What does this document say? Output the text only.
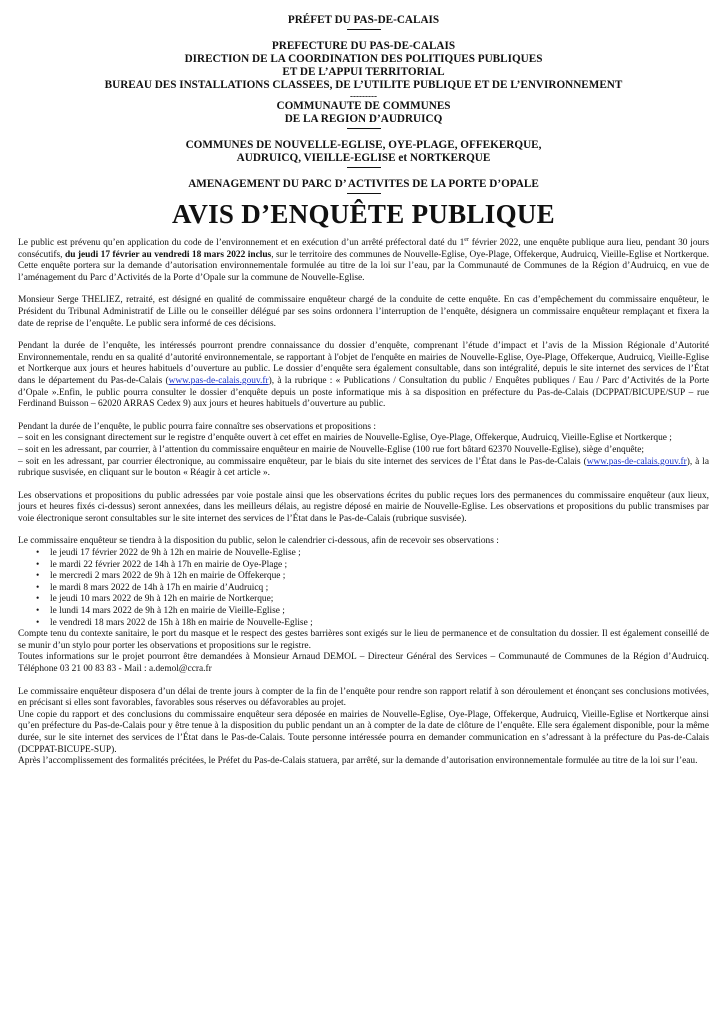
PRÉFET DU PAS-DE-CALAIS
PREFECTURE DU PAS-DE-CALAIS
DIRECTION DE LA COORDINATION DES POLITIQUES PUBLIQUES
ET DE L’APPUI TERRITORIAL
BUREAU DES INSTALLATIONS CLASSEES, DE L’UTILITE PUBLIQUE ET DE L’ENVIRONNEMENT
---------
COMMUNAUTE DE COMMUNES
DE LA REGION D’AUDRUICQ
COMMUNES DE NOUVELLE-EGLISE, OYE-PLAGE, OFFEKERQUE,
AUDRUICQ, VIEILLE-EGLISE et NORTKERQUE
AMENAGEMENT DU PARC D’ ACTIVITES DE LA PORTE D’OPALE
AVIS D’ENQUÊTE PUBLIQUE

Le public est prévenu qu’en application du code de l’environnement et en exécution d’un arrêté préfectoral daté du 1er février 2022, une enquête publique aura lieu, pendant 30 jours consécutifs, du jeudi 17 février au vendredi 18 mars 2022 inclus, sur le territoire des communes de Nouvelle-Eglise, Oye-Plage, Offekerque, Audruicq, Vieille-Eglise et Nortkerque. Cette enquête portera sur la demande d’autorisation environnementale formulée au titre de la loi sur l’eau, par la Communauté de Communes de la Région d’Audruicq, en vue de l’aménagement du Parc d’Activités de la Porte d’Opale sur la commune de Nouvelle-Eglise.

Monsieur Serge THELIEZ, retraité, est désigné en qualité de commissaire enquêteur chargé de la conduite de cette enquête. En cas d’empêchement du commissaire enquêteur, le Président du Tribunal Administratif de Lille ou le conseiller délégué par ses soins ordonnera l’interruption de l’enquête, désignera un commissaire enquêteur remplaçant et fixera la date de reprise de l’enquête. Le public sera informé de ces décisions.

Pendant la durée de l’enquête, les intéressés pourront prendre connaissance du dossier d’enquête, comprenant l’étude d’impact et l’avis de la Mission Régionale d’Autorité Environnementale, rendu en sa qualité d’autorité environnementale, se rapportant à l'objet de l'enquête en mairies de Nouvelle-Eglise, Oye-Plage, Offekerque, Audruicq, Vieille-Eglise et Nortkerque aux jours et heures habituels d’ouverture au public. Le dossier d’enquête sera également consultable, dans son intégralité, depuis le site internet des services de l’État dans le département du Pas-de-Calais (www.pas-de-calais.gouv.fr), à la rubrique : « Publications / Consultation du public / Enquêtes publiques / Eau / Parc d’Activités de la Porte d’Opale ».Enfin, le public pourra consulter le dossier d’enquête depuis un poste informatique mis à sa disposition en préfecture du Pas-de-Calais (DCPPAT/BICUPE/SUP – rue Ferdinand Buisson – 62020 ARRAS Cedex 9) aux jours et heures habituels d’ouverture au public.

Pendant la durée de l’enquête, le public pourra faire connaître ses observations et propositions :

– soit en les consignant directement sur le registre d’enquête ouvert à cet effet en mairies de Nouvelle-Eglise, Oye-Plage, Offekerque, Audruicq, Vieille-Eglise et Nortkerque ;

– soit en les adressant, par courrier, à l’attention du commissaire enquêteur en mairie de Nouvelle-Eglise (100 rue fort bâtard 62370 Nouvelle-Eglise), siège d’enquête;

– soit en les adressant, par courrier électronique, au commissaire enquêteur, par le biais du site internet des services de l’État dans le Pas-de-Calais (www.pas-de-calais.gouv.fr), à la rubrique susvisée, en cliquant sur le bouton « Réagir à cet article ».

Les observations et propositions du public adressées par voie postale ainsi que les observations écrites du public reçues lors des permanences du commissaire enquêteur (aux lieux, jours et heures fixés ci-dessus) seront annexées, dans les meilleurs délais, au registre déposé en mairie de Nouvelle-Eglise. Les observations et propositions du public transmises par voie électronique seront consultables sur le site internet des services de l’État dans le Pas-de-Calais (rubrique susvisée).

Le commissaire enquêteur se tiendra à la disposition du public, selon le calendrier ci-dessous, afin de recevoir ses observations :

• le jeudi 17 février 2022 de 9h à 12h en mairie de Nouvelle-Eglise ;
• le mardi 22 février 2022 de 14h à 17h en mairie de Oye-Plage ;
• le mercredi 2 mars 2022 de 9h à 12h en mairie de Offekerque ;
• le mardi 8 mars 2022 de 14h à 17h en mairie d’Audruicq ;
• le jeudi 10 mars 2022 de 9h à 12h en mairie de Nortkerque;
• le lundi 14 mars 2022 de 9h à 12h en mairie de Vieille-Eglise ;
• le vendredi 18 mars 2022 de 15h à 18h en mairie de Nouvelle-Eglise ;

Compte tenu du contexte sanitaire, le port du masque et le respect des gestes barrières sont exigés sur le lieu de permanence et de consultation du dossier. Il est également conseillé de se munir d’un stylo pour porter les observations et propositions sur le registre.

Toutes informations sur le projet pourront être demandées à Monsieur Arnaud DEMOL – Directeur Général des Services – Communauté de Communes de la Région d’Audruicq. Téléphone 03 21 00 83 83 - Mail : a.demol@ccra.fr

Le commissaire enquêteur disposera d’un délai de trente jours à compter de la fin de l’enquête pour rendre son rapport relatif à son déroulement et énonçant ses conclusions motivées, en précisant si elles sont favorables, favorables sous réserves ou défavorables au projet.

Une copie du rapport et des conclusions du commissaire enquêteur sera déposée en mairies de Nouvelle-Eglise, Oye-Plage, Offekerque, Audruicq, Vieille-Eglise et Nortkerque ainsi qu’en préfecture du Pas-de-Calais pour y être tenue à la disposition du public pendant un an à compter de la date de clôture de l’enquête. Elle sera également disponible, pour la même durée, sur le site internet des services de l’État dans le Pas-de-Calais. Toute personne intéressée pourra en demander communication en s’adressant à la préfecture du Pas-de-Calais (DCPPAT-BICUPE-SUP).

Après l’accomplissement des formalités précitées, le Préfet du Pas-de-Calais statuera, par arrêté, sur la demande d’autorisation environnementale formulée au titre de la loi sur l’eau.
